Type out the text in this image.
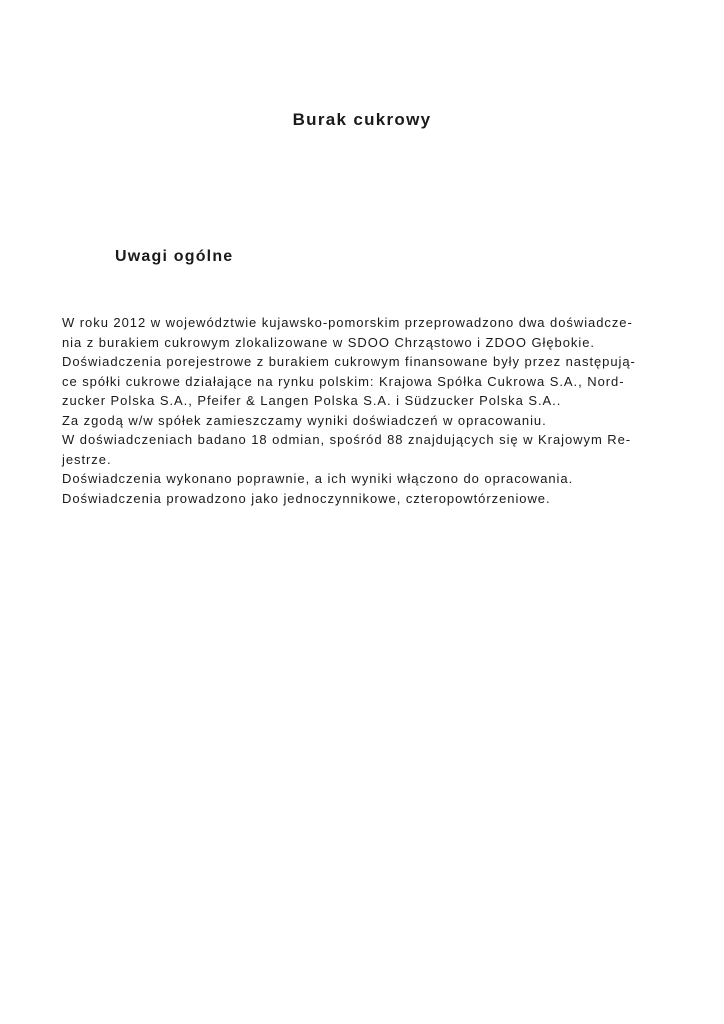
Burak cukrowy
Uwagi ogólne
W roku 2012 w województwie kujawsko-pomorskim przeprowadzono dwa doświadcze-
nia z burakiem cukrowym zlokalizowane w SDOO Chrząstowo i ZDOO Głębokie.
Doświadczenia porejestrowe z burakiem cukrowym finansowane były przez następują-
ce spółki cukrowe działające na rynku polskim: Krajowa Spółka Cukrowa S.A., Nord-
zucker Polska S.A., Pfeifer & Langen Polska S.A. i Südzucker Polska S.A..
Za zgodą w/w spółek zamieszczamy wyniki doświadczeń w opracowaniu.
W doświadczeniach badano 18 odmian, spośród 88 znajdujących się w Krajowym Re-
jestrze.
Doświadczenia wykonano poprawnie, a ich wyniki włączono do opracowania.
Doświadczenia prowadzono jako jednoczynnikowe, czteropowtórzeniowe.
